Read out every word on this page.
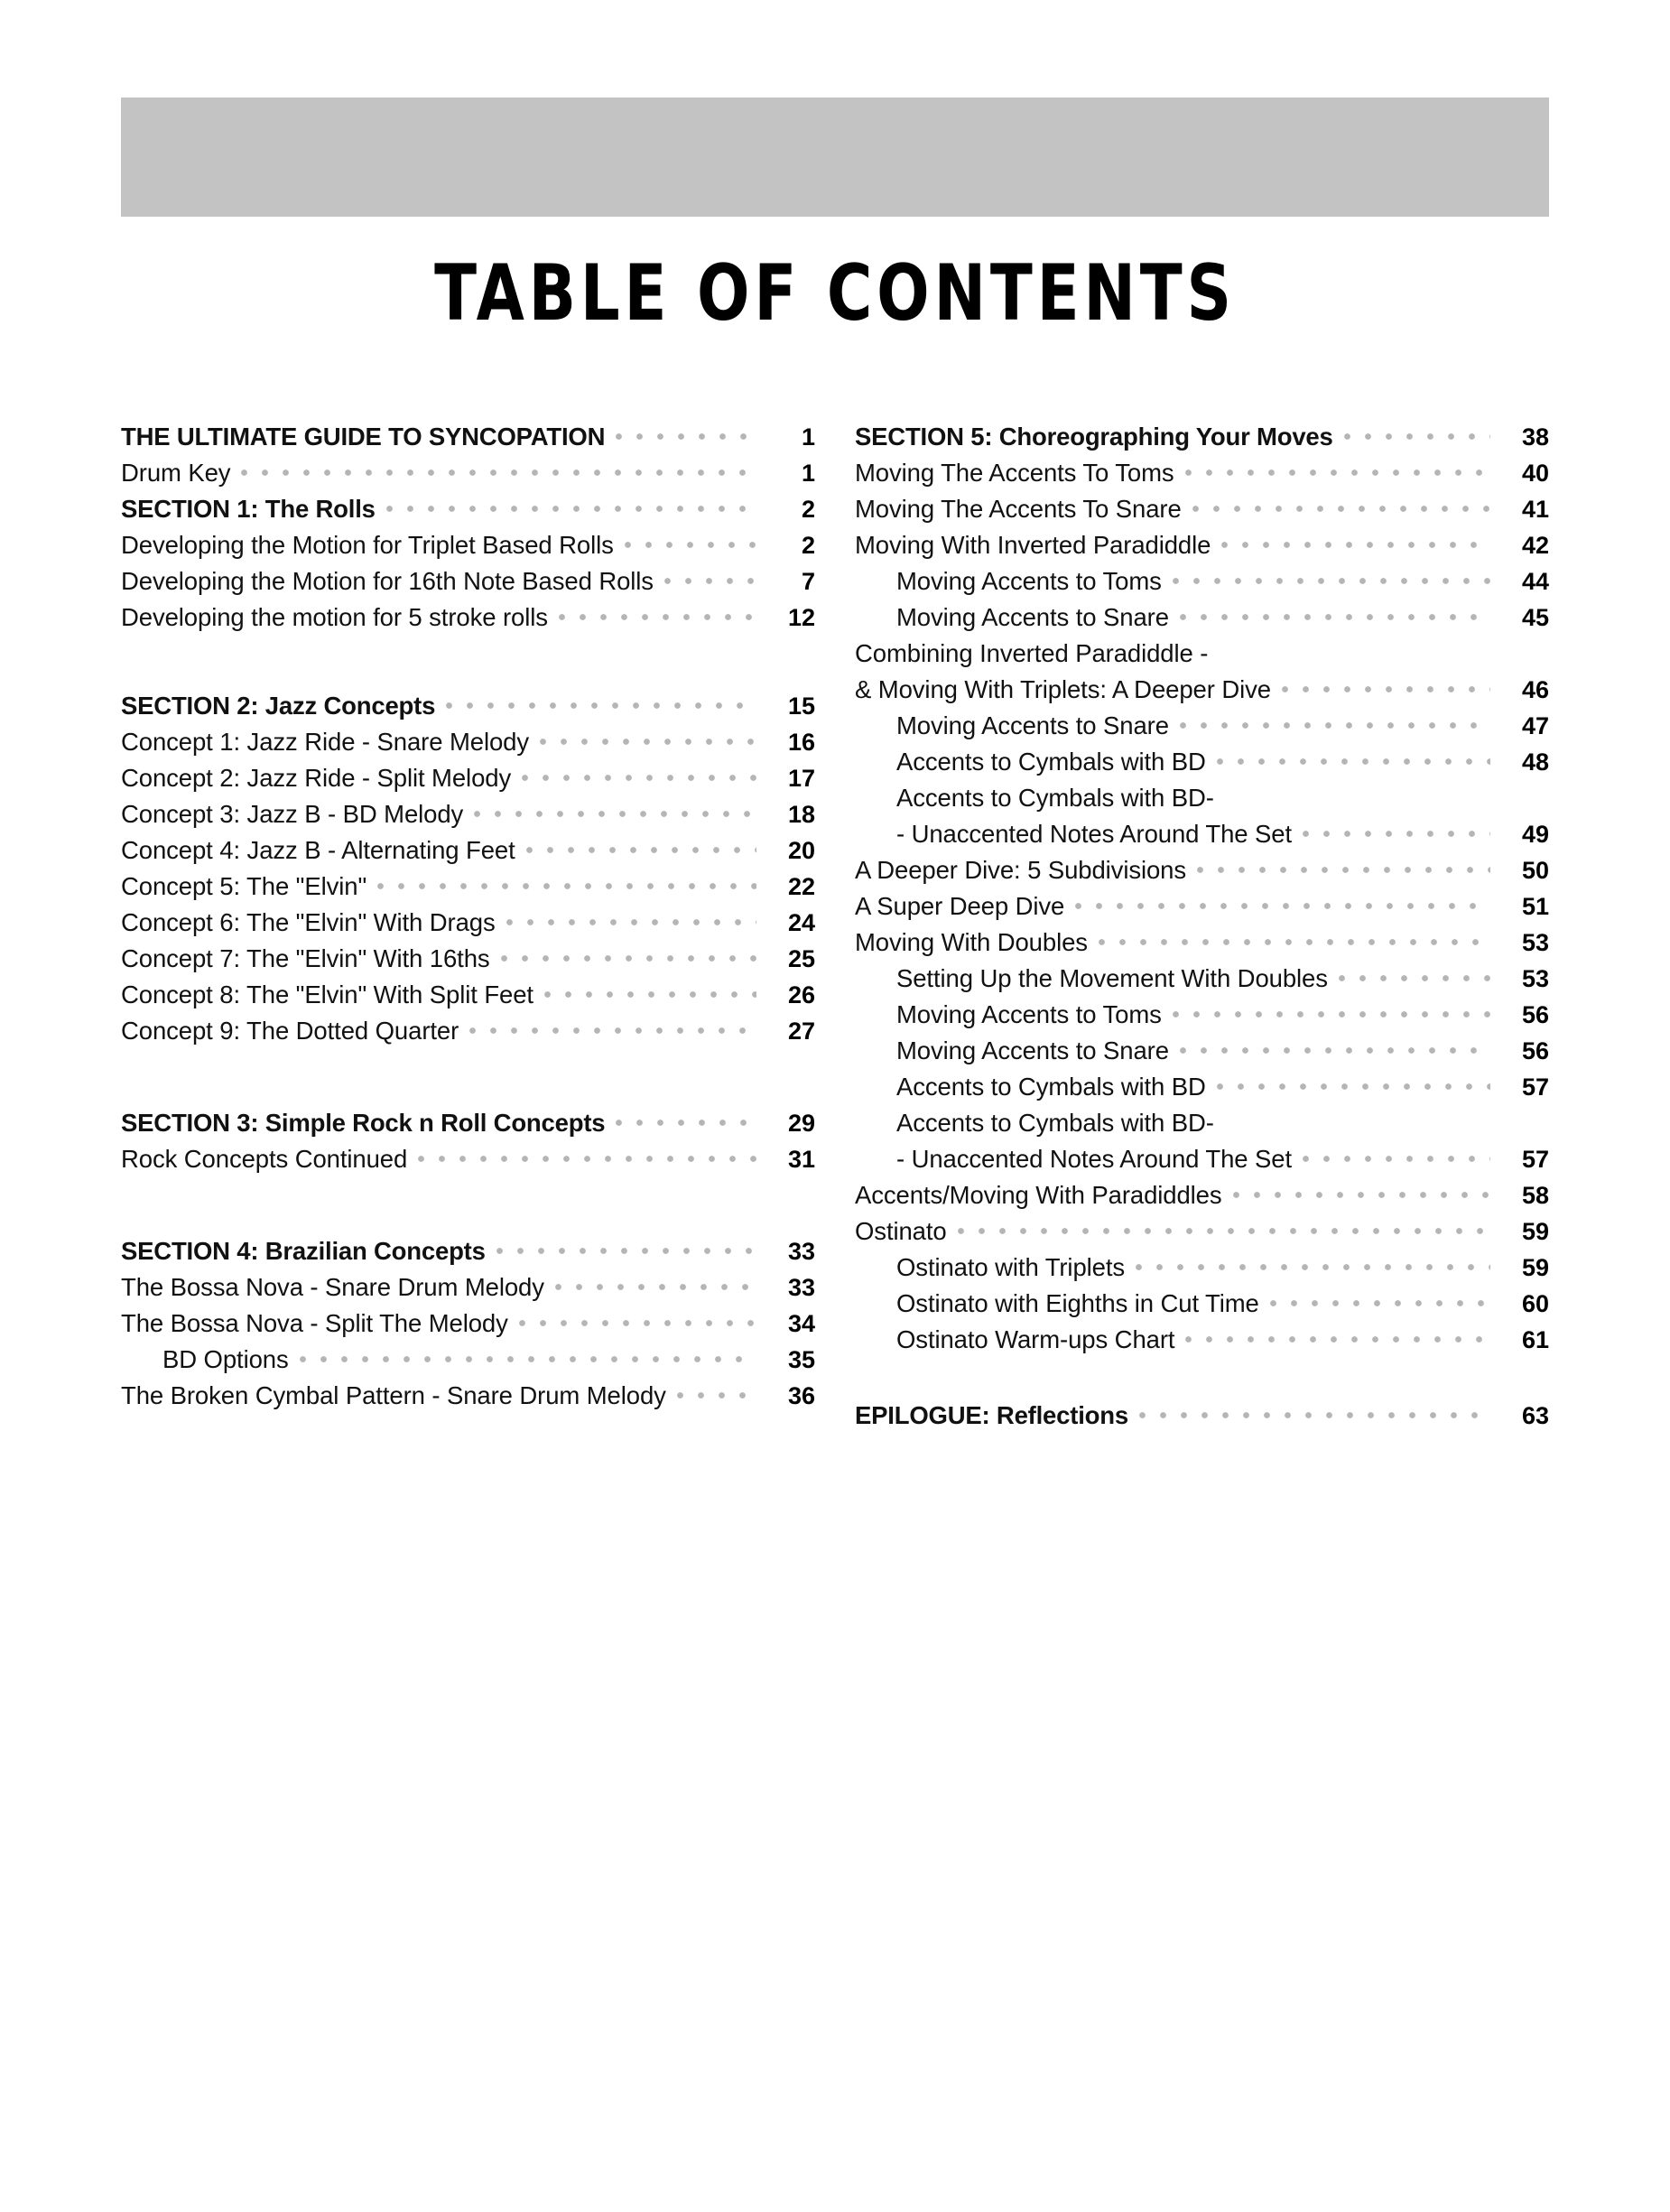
TABLE OF CONTENTS
THE ULTIMATE GUIDE TO SYNCOPATION	1
Drum Key	1
SECTION 1: The Rolls	2
Developing the Motion for Triplet Based Rolls	2
Developing the Motion for 16th Note Based Rolls	7
Developing the motion for 5 stroke rolls	12
SECTION 2: Jazz Concepts	15
Concept 1: Jazz Ride - Snare Melody	16
Concept 2: Jazz Ride - Split Melody	17
Concept 3: Jazz B - BD Melody	18
Concept 4: Jazz B - Alternating Feet	20
Concept 5: The "Elvin"	22
Concept 6: The "Elvin" With Drags	24
Concept 7: The "Elvin" With 16ths	25
Concept 8: The "Elvin" With Split Feet	26
Concept 9: The Dotted Quarter	27
SECTION 3: Simple Rock n Roll Concepts	29
Rock Concepts Continued	31
SECTION 4: Brazilian Concepts	33
The Bossa Nova - Snare Drum Melody	33
The Bossa Nova - Split The Melody	34
BD Options	35
The Broken Cymbal Pattern - Snare Drum Melody	36
SECTION 5: Choreographing Your Moves	38
Moving The Accents To Toms	40
Moving The Accents To Snare	41
Moving With Inverted Paradiddle	42
Moving Accents to Toms	44
Moving Accents to Snare	45
Combining Inverted Paradiddle -
& Moving With Triplets: A Deeper Dive	46
Moving Accents to Snare	47
Accents to Cymbals with BD	48
Accents to Cymbals with BD-
- Unaccented Notes Around The Set	49
A Deeper Dive: 5 Subdivisions	50
A Super Deep Dive	51
Moving With Doubles	53
Setting Up the Movement With Doubles	53
Moving Accents to Toms	56
Moving Accents to Snare	56
Accents to Cymbals with BD	57
Accents to Cymbals with BD-
- Unaccented Notes Around The Set	57
Accents/Moving With Paradiddles	58
Ostinato	59
Ostinato with Triplets	59
Ostinato with Eighths in Cut Time	60
Ostinato Warm-ups Chart	61
EPILOGUE: Reflections	63
